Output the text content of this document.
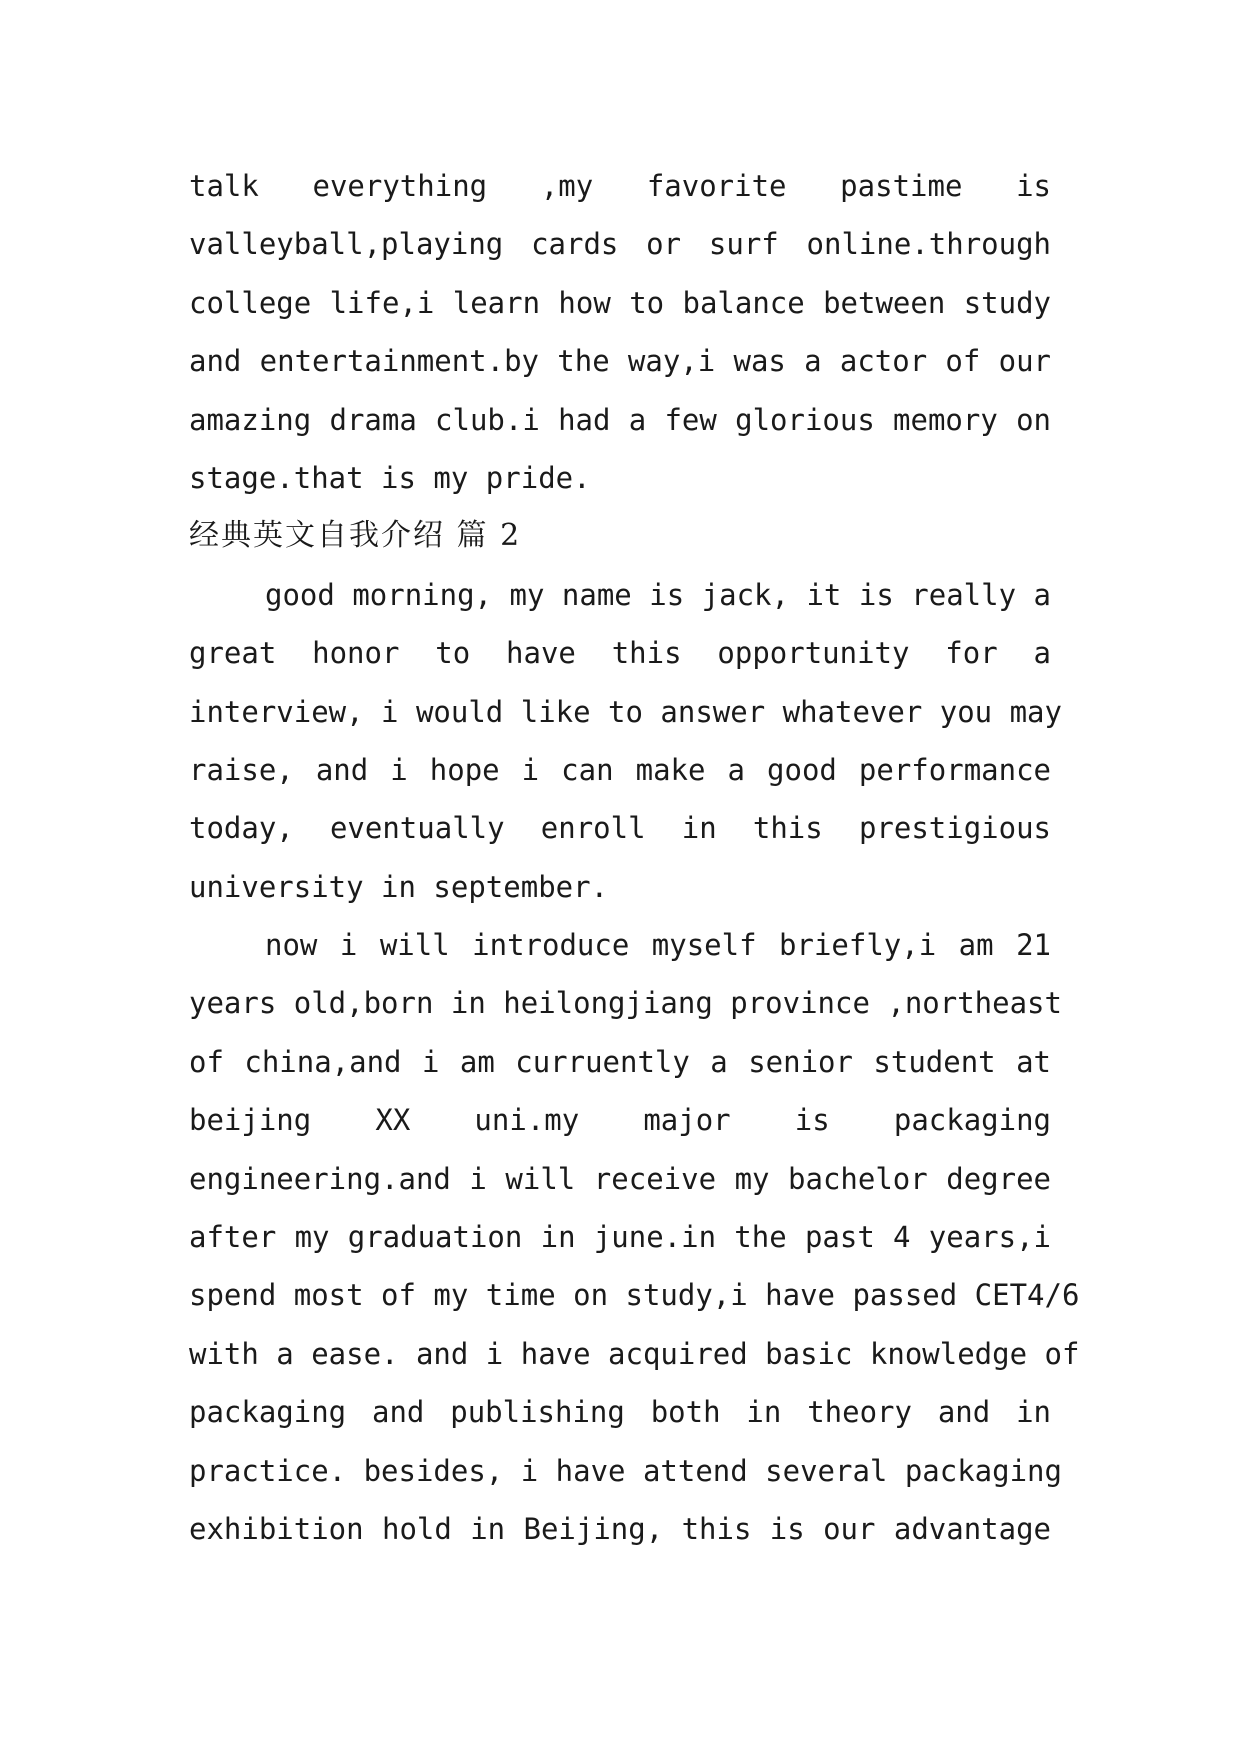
talk everything ,my favorite pastime is
valleyball,playing cards or surf online.through
college life,i learn how to balance between study
and entertainment.by the way,i was a actor of our
amazing drama club.i had a few glorious memory on
stage.that is my pride.
经典英文自我介绍 篇 2
good morning, my name is jack, it is really a
great honor to have this opportunity for a
interview, i would like to answer whatever you may
raise, and i hope i can make a good performance
today, eventually enroll in this prestigious
university in september.
now i will introduce myself briefly,i am 21
years old,born in heilongjiang province ,northeast
of china,and i am curruently a senior student at
beijing XX uni.my major is packaging
engineering.and i will receive my bachelor degree
after my graduation in june.in the past 4 years,i
spend most of my time on study,i have passed CET4/6
with a ease. and i have acquired basic knowledge of
packaging and publishing both in theory and in
practice. besides, i have attend several packaging
exhibition hold in Beijing, this is our advantage
